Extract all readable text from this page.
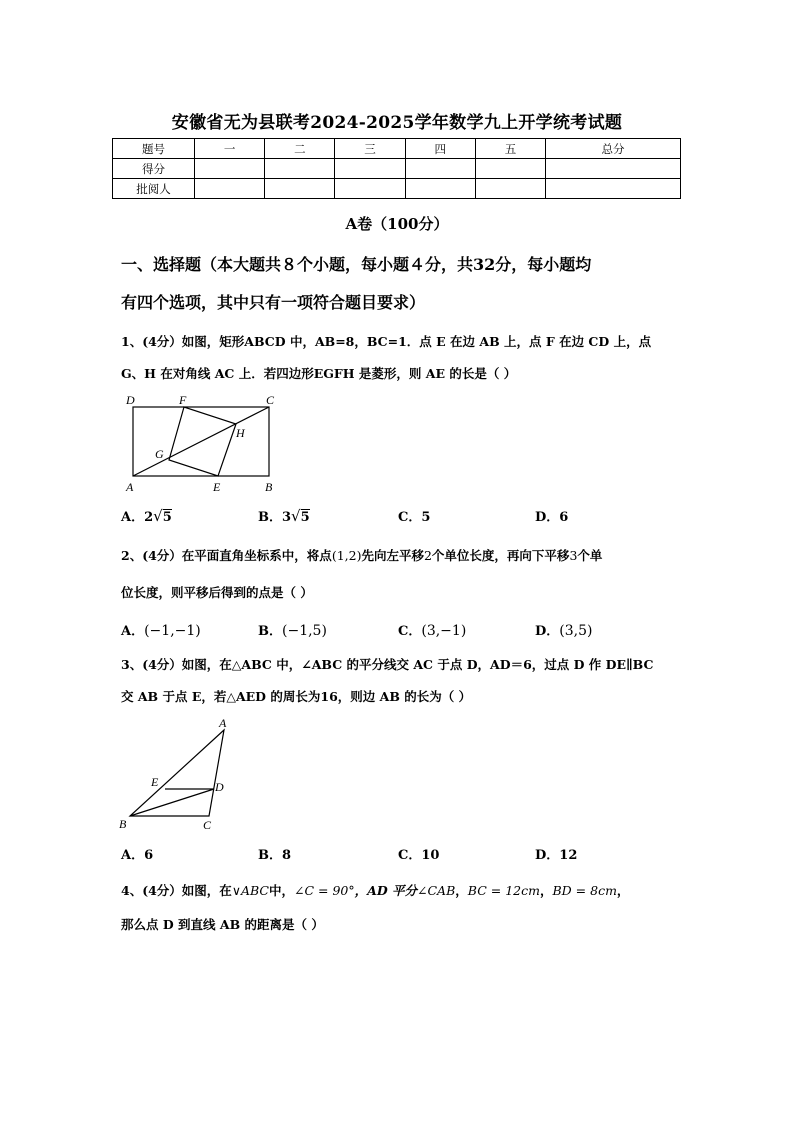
安徽省无为县联考2024-2025学年数学九上开学统考试题
题号	一	二	三	四	五	总分
得分						
批阅人						
A卷（100分）
一、选择题（本大题共８个小题，每小题４分，共32分，每小题均
有四个选项，其中只有一项符合题目要求）
1、(4分）如图，矩形ABCD 中，AB=8，BC=1．点 E 在边 AB 上，点 F 在边 CD 上，点
G、H 在对角线 AC 上．若四边形EGFH 是菱形，则 AE 的长是（ ）
D	F	C
H
G
A	E	B
A．2√5	B．3√5	C．5	D．6
2、(4分）在平面直角坐标系中，将点(1,2)先向左平移2个单位长度，再向下平移3个单
位长度，则平移后得到的点是（ ）
A．(−1,−1)	B．(−1,5)	C．(3,−1)	D．(3,5)
3、(4分）如图，在△ABC 中，∠ABC 的平分线交 AC 于点 D，AD＝6，过点 D 作 DE∥BC
交 AB 于点 E，若△AED 的周长为16，则边 AB 的长为（ ）
A
E	D
B	C
A．6	B．8	C．10	D．12
4、(4分）如图，在∨ABC中，∠C = 90°，AD 平分∠CAB，BC = 12cm，BD = 8cm，
那么点 D 到直线 AB 的距离是（ ）
